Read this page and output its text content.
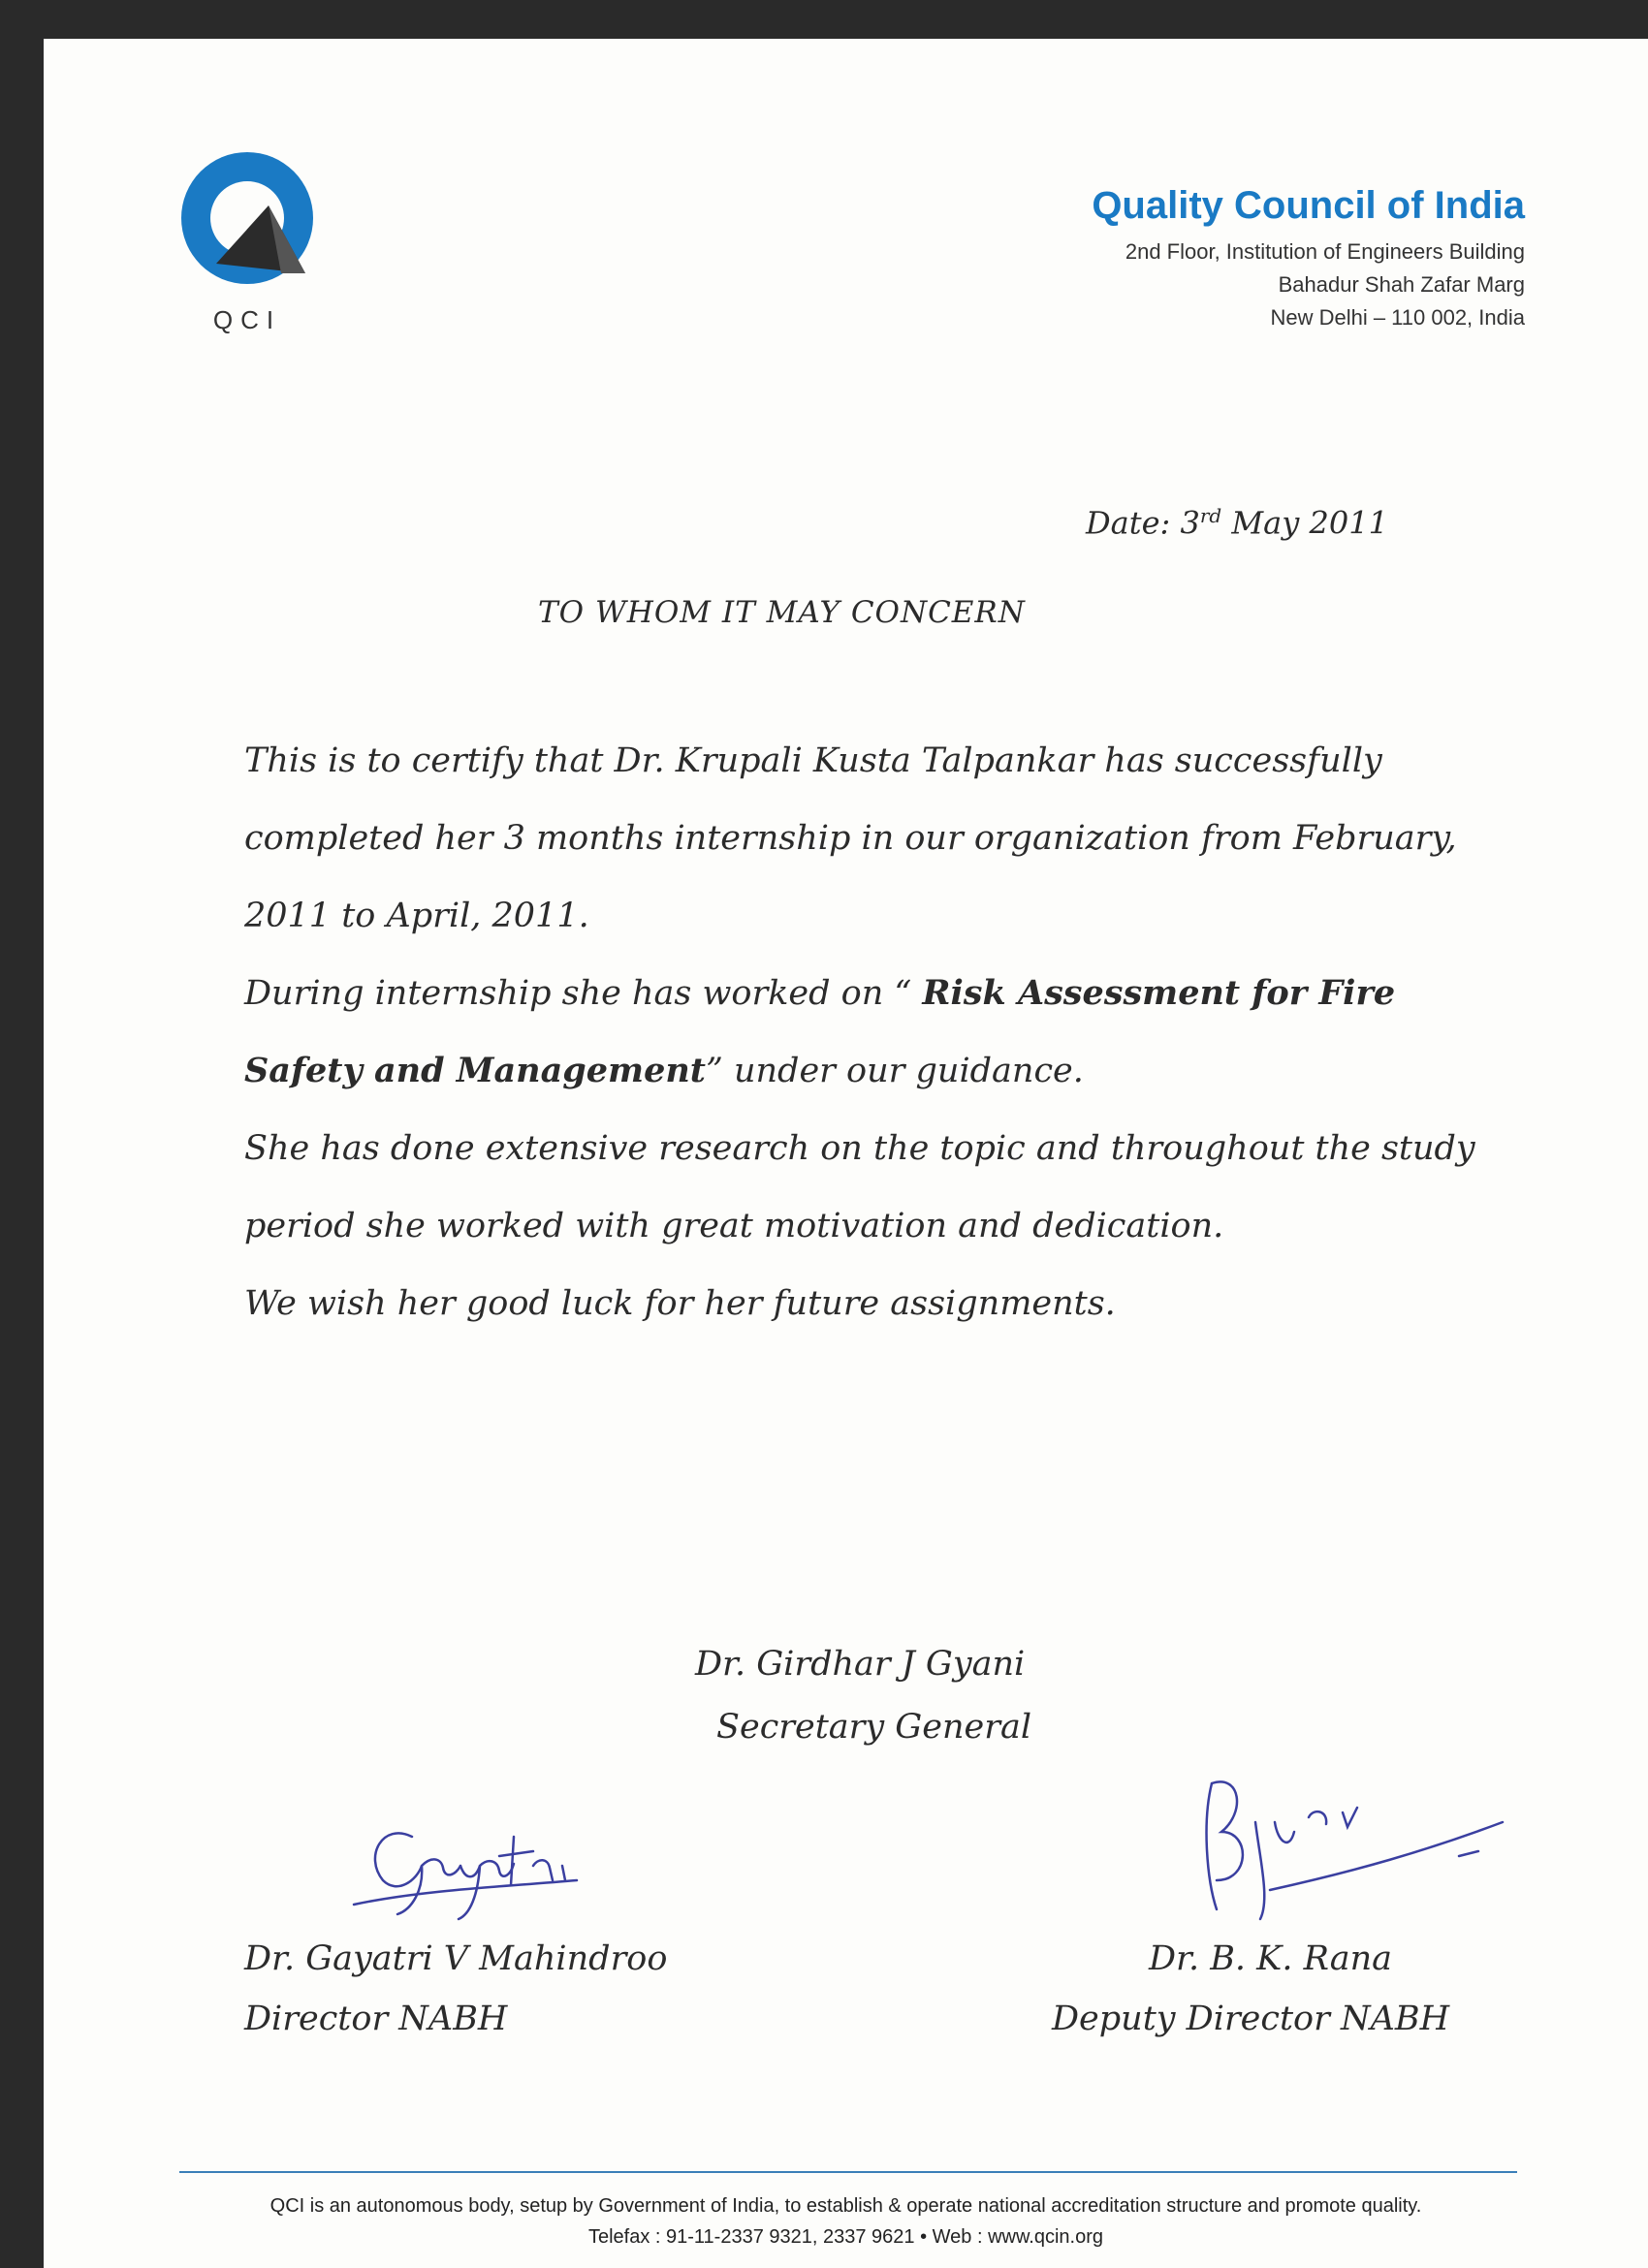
QCI
Quality Council of India
2nd Floor, Institution of Engineers Building
Bahadur Shah Zafar Marg
New Delhi – 110 002, India
Date: 3rd May 2011
TO WHOM IT MAY CONCERN

This is to certify that Dr. Krupali Kusta Talpankar has successfully completed her 3 months internship in our organization from February, 2011 to April, 2011.

During internship she has worked on “ Risk Assessment for Fire Safety and Management” under our guidance.

She has done extensive research on the topic and throughout the study period she worked with great motivation and dedication.

We wish her good luck for her future assignments.

Dr. Girdhar J Gyani
Secretary General
Gayatri
Dr. Gayatri V Mahindroo
Director NABH
Dr. B. K. Rana
Deputy Director NABH
QCI is an autonomous body, setup by Government of India, to establish & operate national accreditation structure and promote quality.
Telefax : 91-11-2337 9321, 2337 9621 • Web : www.qcin.org
